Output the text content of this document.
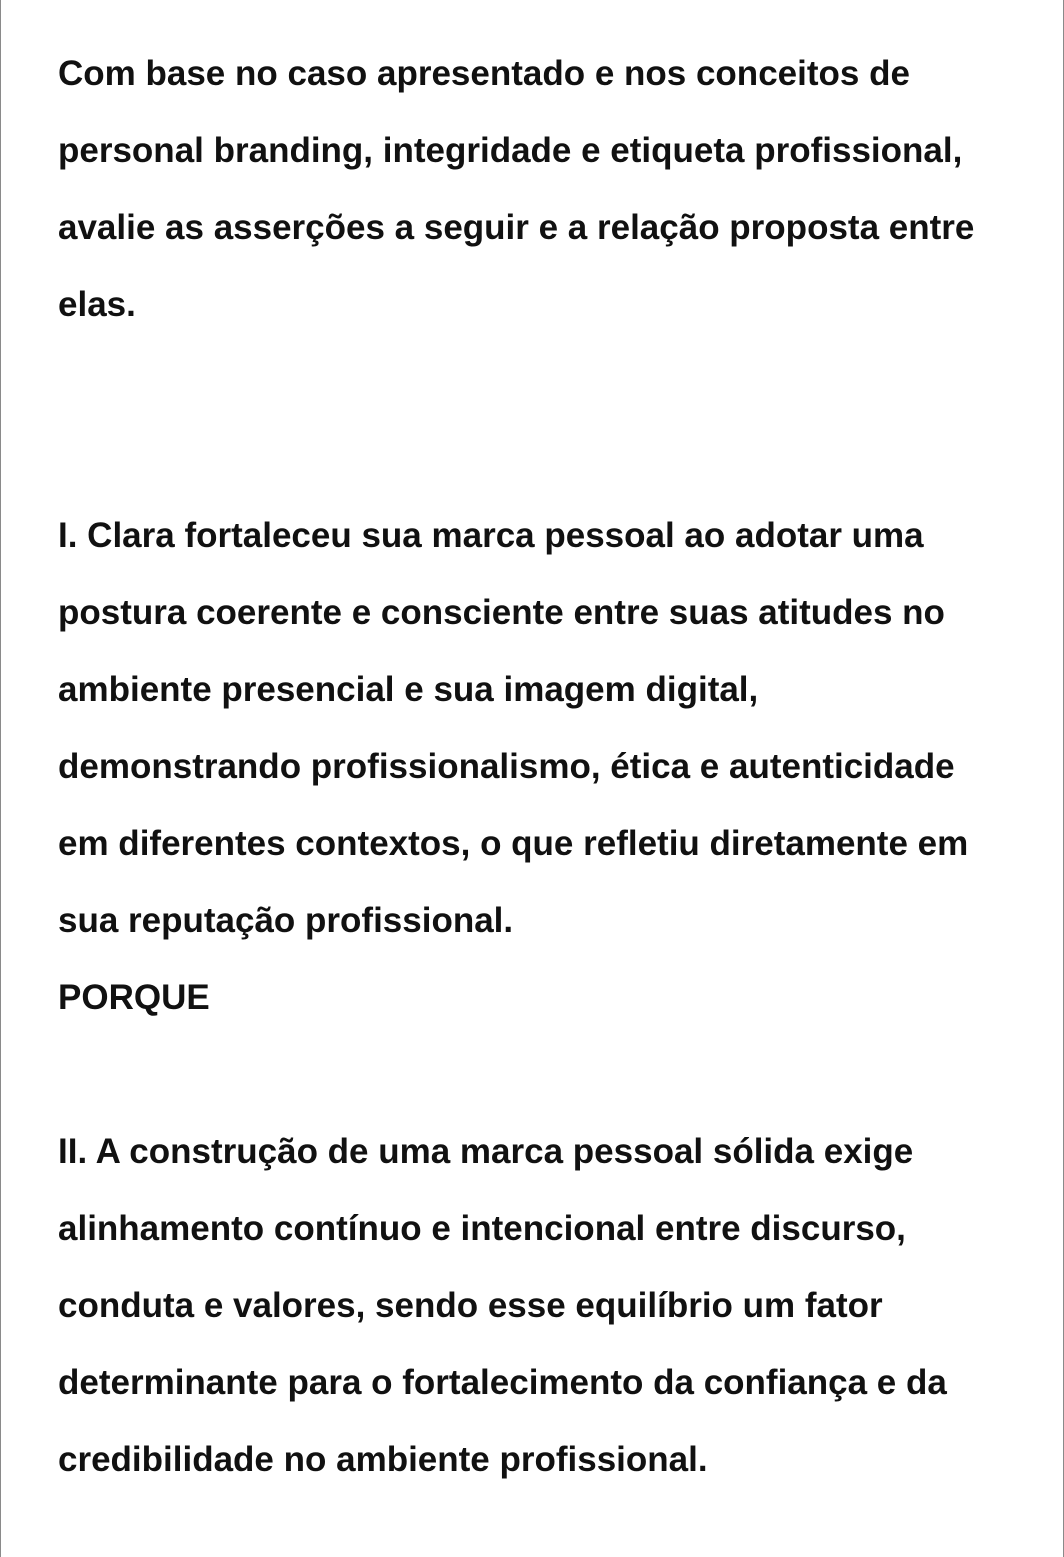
Com base no caso apresentado e nos conceitos de

personal branding, integridade e etiqueta profissional,

avalie as asserções a seguir e a relação proposta entre

elas.

I. Clara fortaleceu sua marca pessoal ao adotar uma

postura coerente e consciente entre suas atitudes no

ambiente presencial e sua imagem digital,

demonstrando profissionalismo, ética e autenticidade

em diferentes contextos, o que refletiu diretamente em

sua reputação profissional.

PORQUE

II. A construção de uma marca pessoal sólida exige

alinhamento contínuo e intencional entre discurso,

conduta e valores, sendo esse equilíbrio um fator

determinante para o fortalecimento da confiança e da

credibilidade no ambiente profissional.
